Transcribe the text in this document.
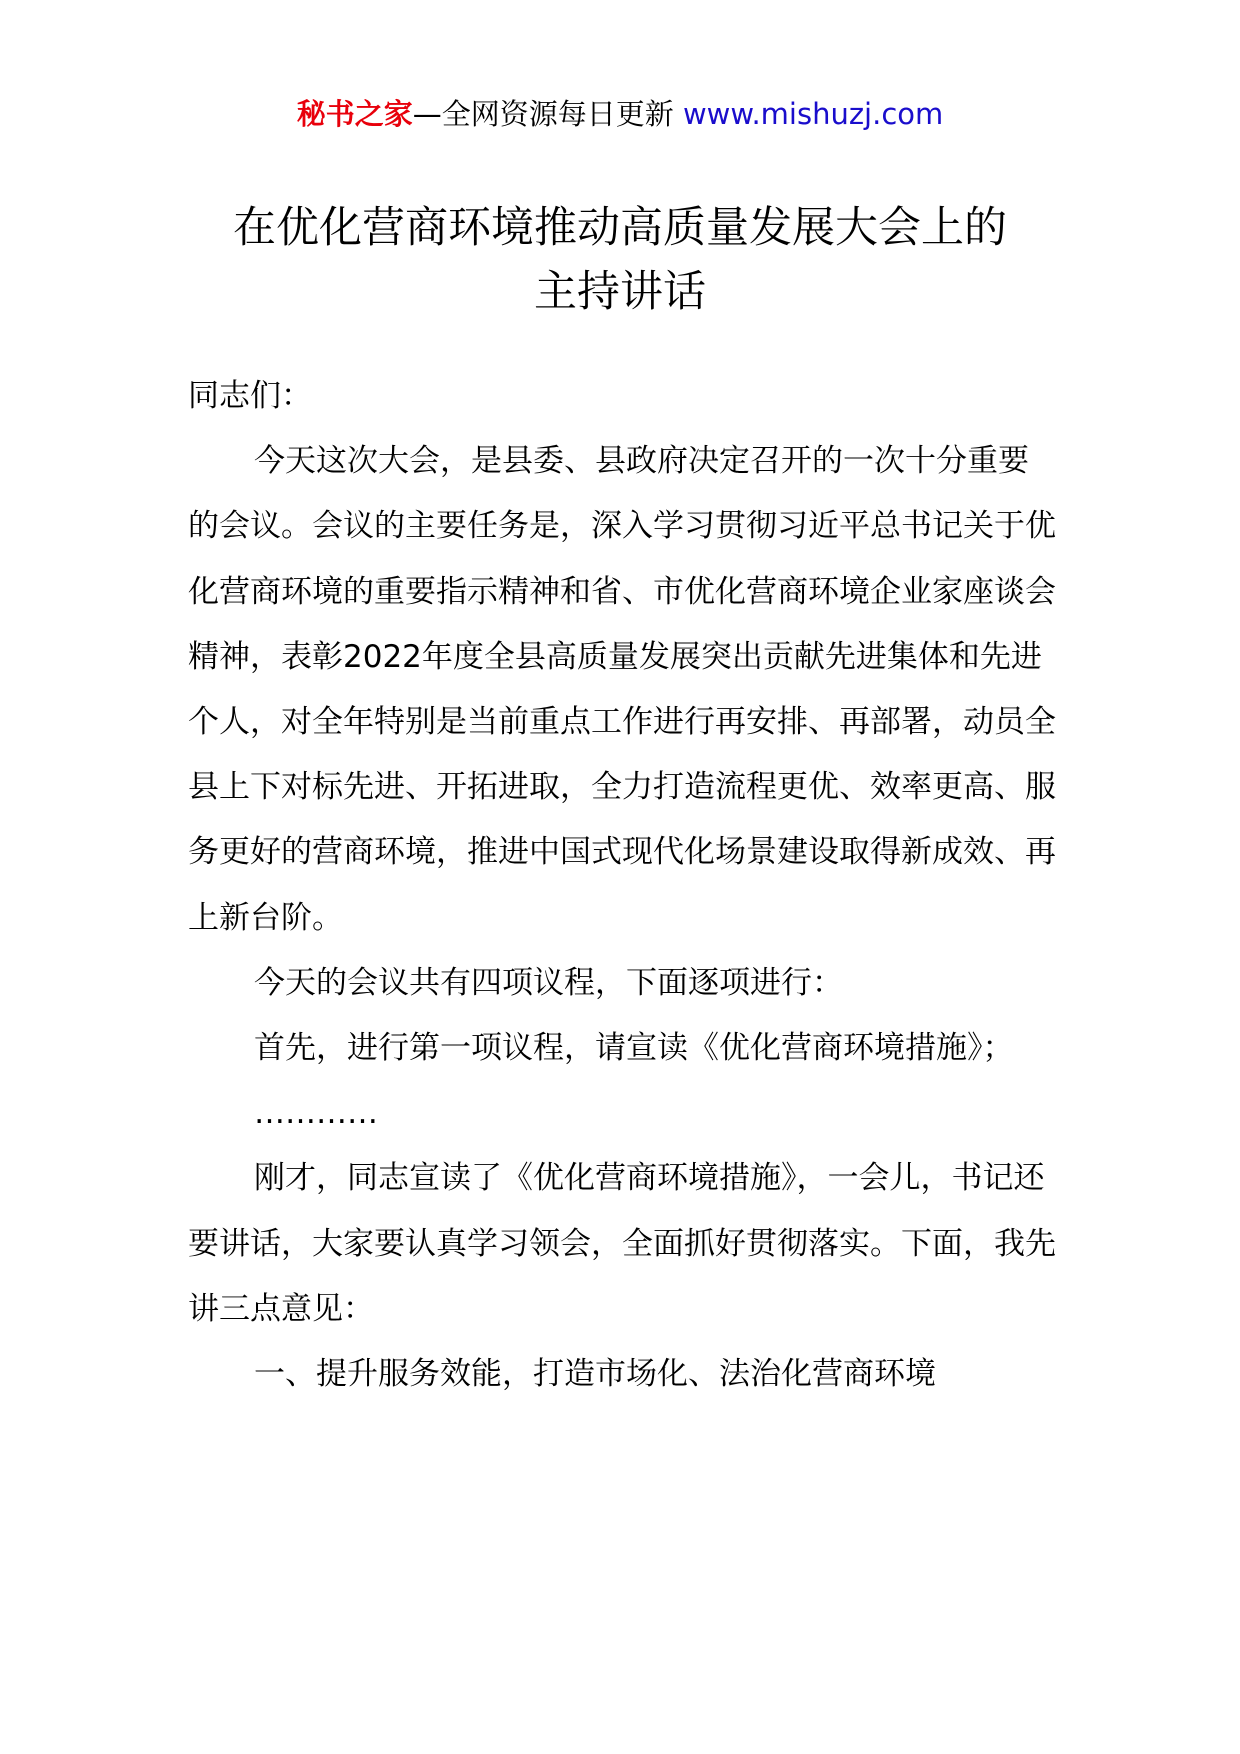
秘书之家—全网资源每日更新 www.mishuzj.com
在优化营商环境推动高质量发展大会上的
主持讲话

同志们：

今天这次大会，是县委、县政府决定召开的一次十分重要的会议。会议的主要任务是，深入学习贯彻习近平总书记关于优化营商环境的重要指示精神和省、市优化营商环境企业家座谈会精神，表彰2022年度全县高质量发展突出贡献先进集体和先进个人，对全年特别是当前重点工作进行再安排、再部署，动员全县上下对标先进、开拓进取，全力打造流程更优、效率更高、服务更好的营商环境，推进中国式现代化场景建设取得新成效、再上新台阶。

今天的会议共有四项议程，下面逐项进行：

首先，进行第一项议程，请宣读《优化营商环境措施》；

…………

刚才，同志宣读了《优化营商环境措施》，一会儿，书记还要讲话，大家要认真学习领会，全面抓好贯彻落实。下面，我先讲三点意见：

一、提升服务效能，打造市场化、法治化营商环境
